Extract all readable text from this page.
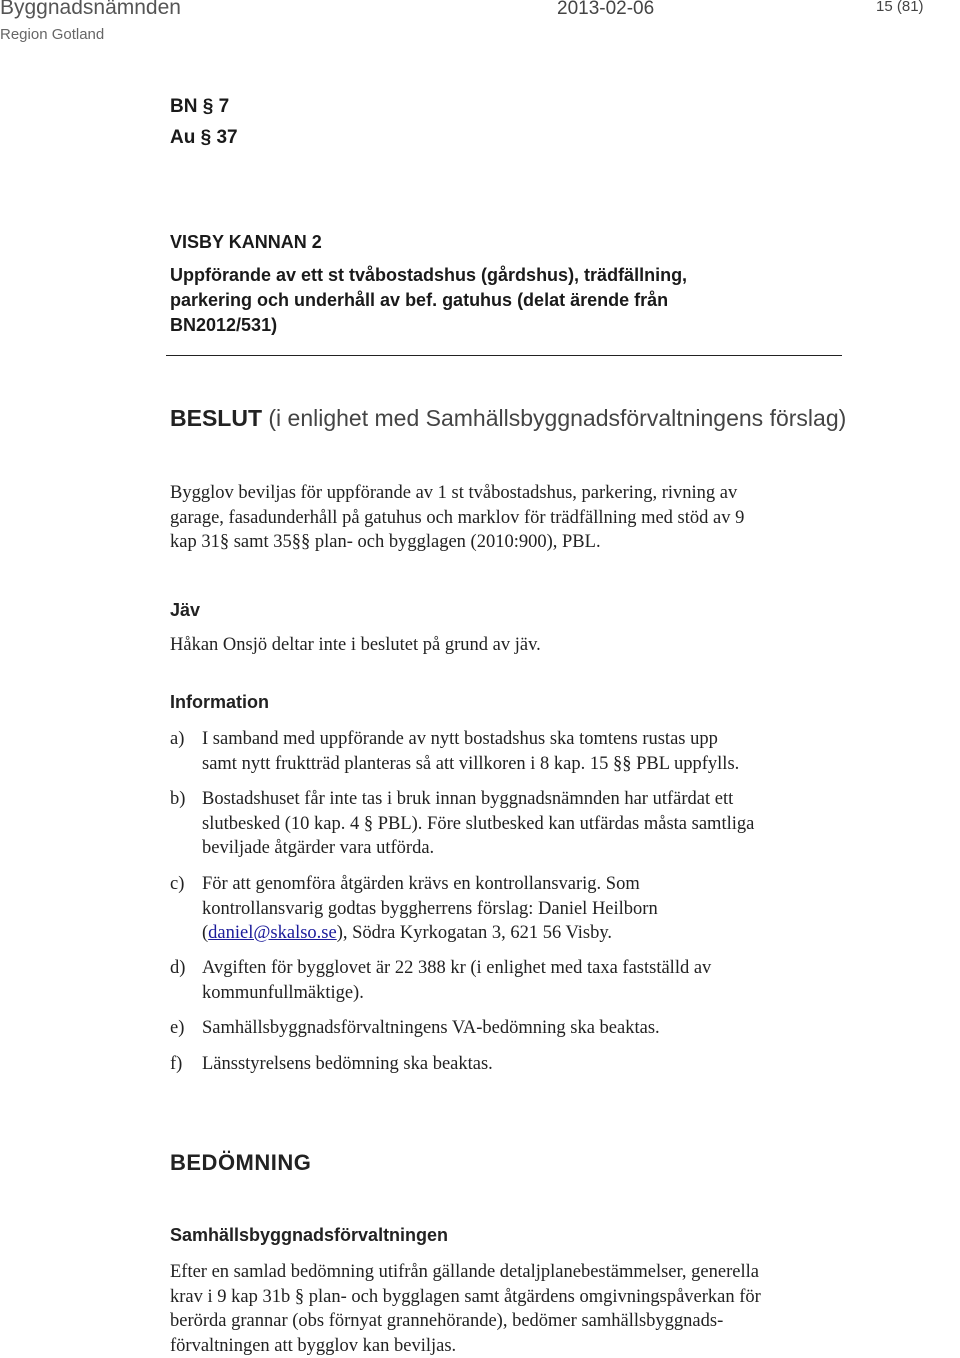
Byggnadsnämnden
Region Gotland
2013-02-06	15 (81)
BN § 7
Au § 37
VISBY KANNAN 2
Uppförande av ett st tvåbostadshus (gårdshus), trädfällning,
parkering och underhåll av bef. gatuhus (delat ärende från
BN2012/531)
BESLUT (i enlighet med Samhällsbyggnadsförvaltningens förslag)
Bygglov beviljas för uppförande av 1 st tvåbostadshus, parkering, rivning av
garage, fasadunderhåll på gatuhus och marklov för trädfällning med stöd av 9
kap 31§ samt 35§§ plan- och bygglagen (2010:900), PBL.
Jäv
Håkan Onsjö deltar inte i beslutet på grund av jäv.
Information
a) I samband med uppförande av nytt bostadshus ska tomtens rustas upp
samt nytt fruktträd planteras så att villkoren i 8 kap. 15 §§ PBL uppfylls.
b) Bostadshuset får inte tas i bruk innan byggnadsnämnden har utfärdat ett
slutbesked (10 kap. 4 § PBL). Före slutbesked kan utfärdas måsta samtliga
beviljade åtgärder vara utförda.
c) För att genomföra åtgärden krävs en kontrollansvarig. Som
kontrollansvarig godtas byggherrens förslag: Daniel Heilborn
(daniel@skalso.se), Södra Kyrkogatan 3, 621 56 Visby.
d) Avgiften för bygglovet är 22 388 kr (i enlighet med taxa fastställd av
kommunfullmäktige).
e) Samhällsbyggnadsförvaltningens VA-bedömning ska beaktas.
f)	Länsstyrelsens bedömning ska beaktas.
BEDÖMNING
Samhällsbyggnadsförvaltningen
Efter en samlad bedömning utifrån gällande detaljplanebestämmelser, generella
krav i 9 kap 31b § plan- och bygglagen samt åtgärdens omgivningspåverkan för
berörda grannar (obs förnyat grannehörande), bedömer samhällsbyggnads-
förvaltningen att bygglov kan beviljas.
